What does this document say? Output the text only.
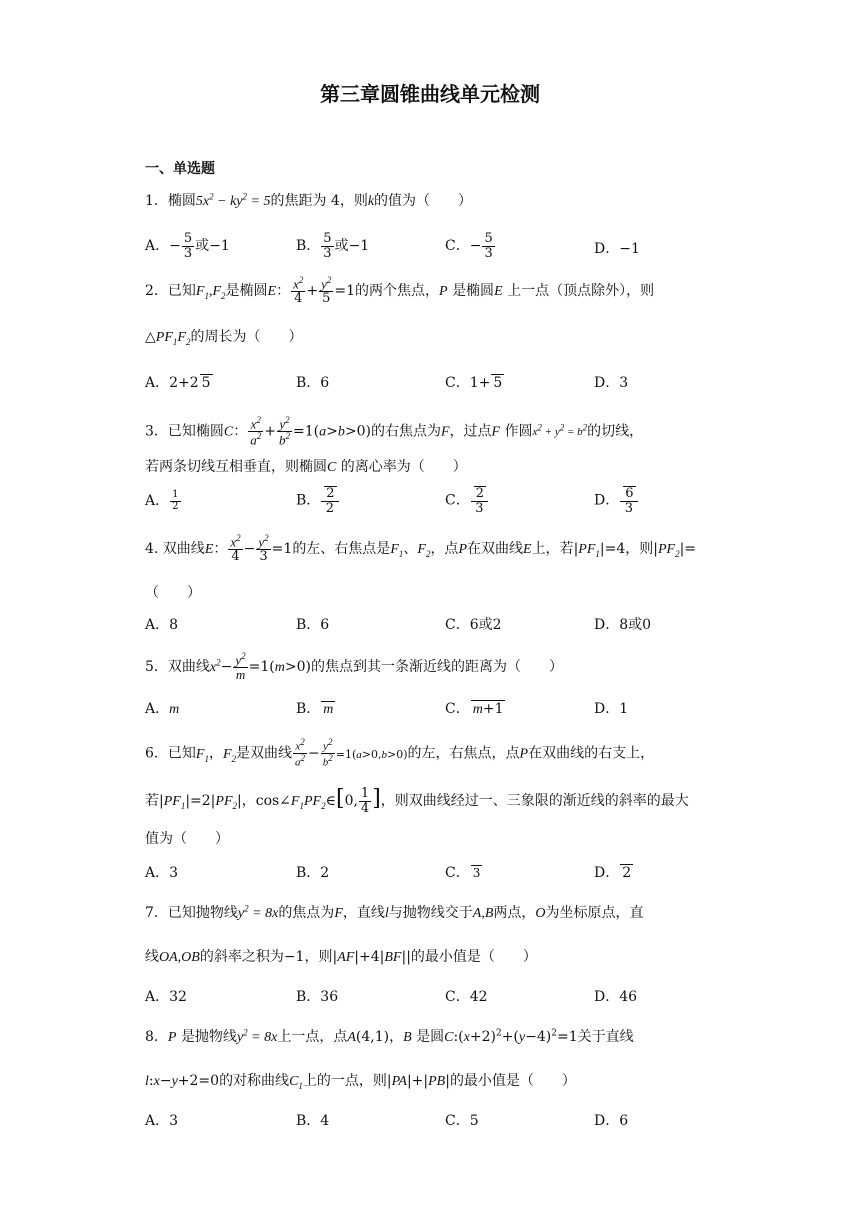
第三章圆锥曲线单元检测
一、单选题
1．椭圆$5x^2 - ky^2 = 5$的焦距为 4，则k的值为（　　）
A．− $\frac{5}{3}$ 或−1	B． $\frac{5}{3}$ 或−1	C．− $\frac{5}{3}$	D．−1
2．已知$F_1,F_2$是椭圆E： $\frac{x^2}{4} + \frac{y^2}{5} =1$的两个焦点，P 是椭圆E 上一点（顶点除外），则
$\triangle PF_1F_2$的周长为（　　）
A．2+2 5	B．6	C．1+ 5	D．3
3．已知椭圆C： $\frac{x^2}{a^2} + \frac{y^2}{b^2} =1(a>b>0)$的右焦点为F，过点F 作圆$x^2 + y^2 = b^2$的切线，
若两条切线互相垂直，则椭圆C 的离心率为（　　）
A． $\frac{1}{2}$	B． $\frac{2}{2}$	C． $\frac{2}{3}$	D． $\frac{6}{3}$
4. 双曲线E： $\frac{x^2}{4} - \frac{y^2}{3} =1$的左、右焦点是$F_1$、$F_2$，点P在双曲线E上，若$|PF_1|=4$，则$|PF_2|=$
（　　）
A．8	B．6	C．6或2	D．8或0
5．双曲线$x^2- \frac{y^2}{m} =1(m>0)$的焦点到其一条渐近线的距离为（　　）
A．m	B． m	C． m+1	D．1
6．已知$F_1$，$F_2$是双曲线 $\frac{x^2}{a^2} - \frac{y^2}{b^2} =1(a>0,b>0)$的左，右焦点，点P在双曲线的右支上，
若$|PF_1|=2|PF_2|$，$\cos\angle F_1PF_2\in[0$, $\frac{1}{4}$ ]，则双曲线经过一、三象限的渐近线的斜率的最大
值为（　　）
A．3	B．2	C． 3	D． 2
7．已知抛物线$y^2 = 8x$的焦点为F，直线l与抛物线交于A,B两点，O为坐标原点，直
线OA,OB的斜率之积为−1，则|AF|+4|BF||的最小值是（　　）
A．32	B．36	C．42	D．46
8．P 是抛物线$y^2 = 8x$上一点，点A(4,1)，B 是圆$C:(x+2)^2+(y-4)^2=1$关于直线
l:x−y+2=0的对称曲线$C_1$上的一点，则|PA|+|PB|的最小值是（　　）
A．3	B．4	C．5	D．6
